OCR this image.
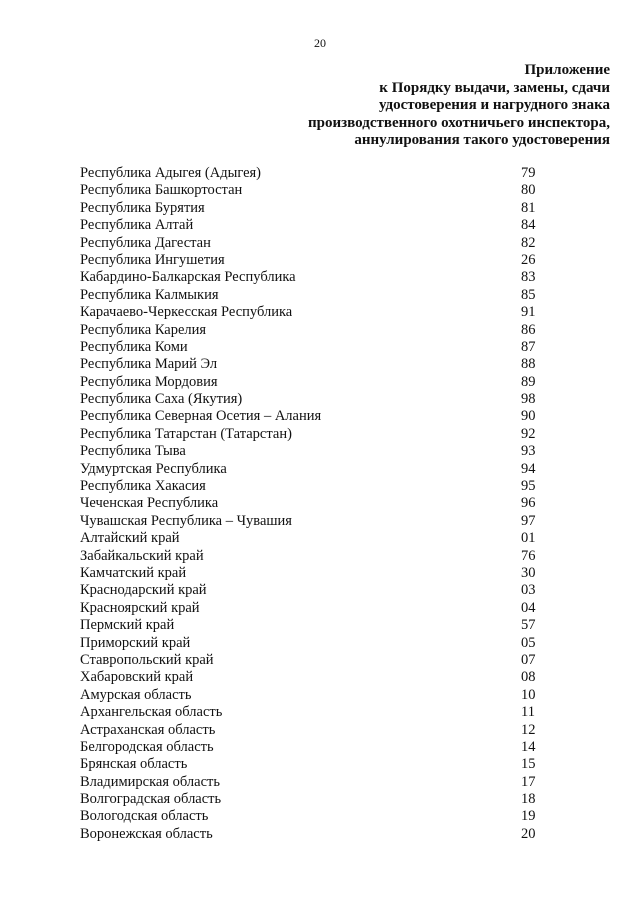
20
Приложение
к Порядку выдачи, замены, сдачи
удостоверения и нагрудного знака
производственного охотничьего инспектора,
аннулирования такого удостоверения
Республика Адыгея (Адыгея)	79
Республика Башкортостан	80
Республика Бурятия	81
Республика Алтай	84
Республика Дагестан	82
Республика Ингушетия	26
Кабардино-Балкарская Республика	83
Республика Калмыкия	85
Карачаево-Черкесская Республика	91
Республика Карелия	86
Республика Коми	87
Республика Марий Эл	88
Республика Мордовия	89
Республика Саха (Якутия)	98
Республика Северная Осетия – Алания	90
Республика Татарстан (Татарстан)	92
Республика Тыва	93
Удмуртская Республика	94
Республика Хакасия	95
Чеченская Республика	96
Чувашская Республика – Чувашия	97
Алтайский край	01
Забайкальский край	76
Камчатский край	30
Краснодарский край	03
Красноярский край	04
Пермский край	57
Приморский край	05
Ставропольский край	07
Хабаровский край	08
Амурская область	10
Архангельская область	11
Астраханская область	12
Белгородская область	14
Брянская область	15
Владимирская область	17
Волгоградская область	18
Вологодская область	19
Воронежская область	20
